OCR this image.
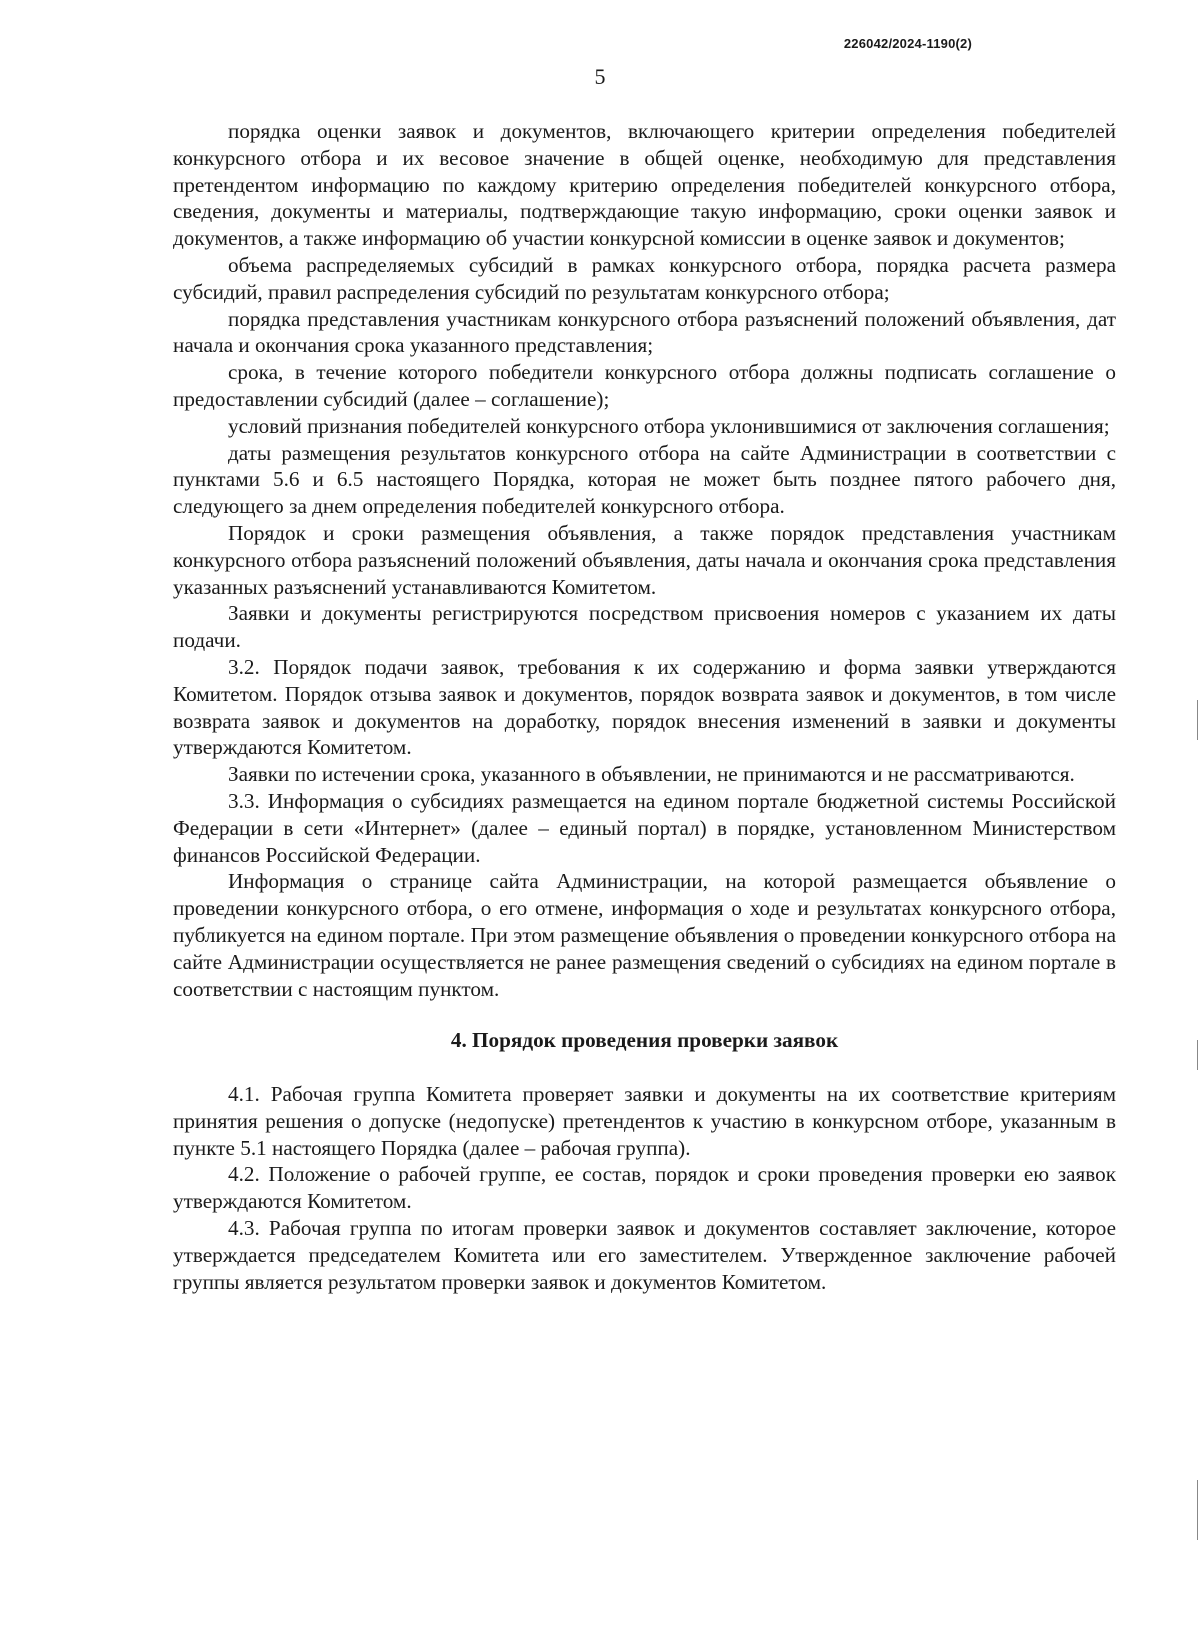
226042/2024-1190(2)
5

порядка оценки заявок и документов, включающего критерии определения победителей конкурсного отбора и их весовое значение в общей оценке, необходимую для представления претендентом информацию по каждому критерию определения победителей конкурсного отбора, сведения, документы и материалы, подтверждающие такую информацию, сроки оценки заявок и документов, а также информацию об участии конкурсной комиссии в оценке заявок и документов;

объема распределяемых субсидий в рамках конкурсного отбора, порядка расчета размера субсидий, правил распределения субсидий по результатам конкурсного отбора;

порядка представления участникам конкурсного отбора разъяснений положений объявления, дат начала и окончания срока указанного представления;

срока, в течение которого победители конкурсного отбора должны подписать соглашение о предоставлении субсидий (далее – соглашение);

условий признания победителей конкурсного отбора уклонившимися от заключения соглашения;

даты размещения результатов конкурсного отбора на сайте Администрации в соответствии с пунктами 5.6 и 6.5 настоящего Порядка, которая не может быть позднее пятого рабочего дня, следующего за днем определения победителей конкурсного отбора.

Порядок и сроки размещения объявления, а также порядок представления участникам конкурсного отбора разъяснений положений объявления, даты начала и окончания срока представления указанных разъяснений устанавливаются Комитетом.

Заявки и документы регистрируются посредством присвоения номеров с указанием их даты подачи.

3.2. Порядок подачи заявок, требования к их содержанию и форма заявки утверждаются Комитетом. Порядок отзыва заявок и документов, порядок возврата заявок и документов, в том числе возврата заявок и документов на доработку, порядок внесения изменений в заявки и документы утверждаются Комитетом.

Заявки по истечении срока, указанного в объявлении, не принимаются и не рассматриваются.

3.3. Информация о субсидиях размещается на едином портале бюджетной системы Российской Федерации в сети «Интернет» (далее – единый портал) в порядке, установленном Министерством финансов Российской Федерации.

Информация о странице сайта Администрации, на которой размещается объявление о проведении конкурсного отбора, о его отмене, информация о ходе и результатах конкурсного отбора, публикуется на едином портале. При этом размещение объявления о проведении конкурсного отбора на сайте Администрации осуществляется не ранее размещения сведений о субсидиях на едином портале в соответствии с настоящим пунктом.

4. Порядок проведения проверки заявок

4.1. Рабочая группа Комитета проверяет заявки и документы на их соответствие критериям принятия решения о допуске (недопуске) претендентов к участию в конкурсном отборе, указанным в пункте 5.1 настоящего Порядка (далее – рабочая группа).

4.2. Положение о рабочей группе, ее состав, порядок и сроки проведения проверки ею заявок утверждаются Комитетом.

4.3. Рабочая группа по итогам проверки заявок и документов составляет заключение, которое утверждается председателем Комитета или его заместителем. Утвержденное заключение рабочей группы является результатом проверки заявок и документов Комитетом.
